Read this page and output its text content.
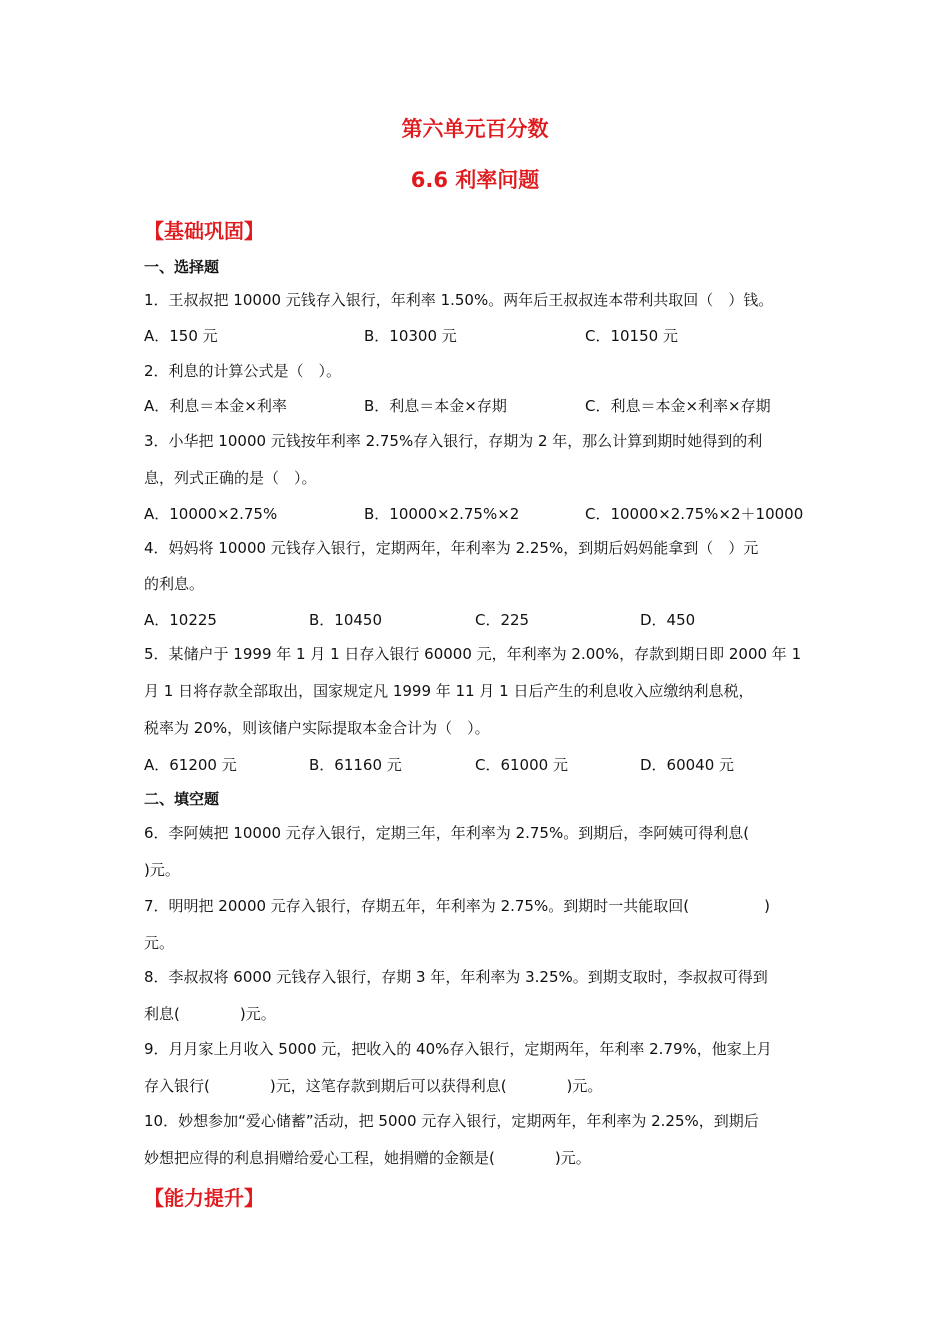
第六单元百分数
6.6 利率问题
【基础巩固】
一、选择题
1．王叔叔把 10000 元钱存入银行，年利率 1.50%。两年后王叔叔连本带利共取回（　）钱。
A．150 元	B．10300 元	C．10150 元
2．利息的计算公式是（　）。
A．利息＝本金×利率	B．利息＝本金×存期	C．利息＝本金×利率×存期
3．小华把 10000 元钱按年利率 2.75%存入银行，存期为 2 年，那么计算到期时她得到的利
息，列式正确的是（　）。
A．10000×2.75%	B．10000×2.75%×2	C．10000×2.75%×2＋10000
4．妈妈将 10000 元钱存入银行，定期两年，年利率为 2.25%，到期后妈妈能拿到（　）元
的利息。
A．10225	B．10450	C．225	D．450
5．某储户于 1999 年 1 月 1 日存入银行 60000 元，年利率为 2.00%，存款到期日即 2000 年 1
月 1 日将存款全部取出，国家规定凡 1999 年 11 月 1 日后产生的利息收入应缴纳利息税，
税率为 20%，则该储户实际提取本金合计为（　）。
A．61200 元	B．61160 元	C．61000 元	D．60040 元
二、填空题
6．李阿姨把 10000 元存入银行，定期三年，年利率为 2.75%。到期后，李阿姨可得利息(
)元。
7．明明把 20000 元存入银行，存期五年，年利率为 2.75%。到期时一共能取回(　　　　　)
元。
8．李叔叔将 6000 元钱存入银行，存期 3 年，年利率为 3.25%。到期支取时，李叔叔可得到
利息(　　　　)元。
9．月月家上月收入 5000 元，把收入的 40%存入银行，定期两年，年利率 2.79%，他家上月
存入银行(　　　　)元，这笔存款到期后可以获得利息(　　　　)元。
10．妙想参加“爱心储蓄”活动，把 5000 元存入银行，定期两年，年利率为 2.25%，到期后
妙想把应得的利息捐赠给爱心工程，她捐赠的金额是(　　　　)元。
【能力提升】
